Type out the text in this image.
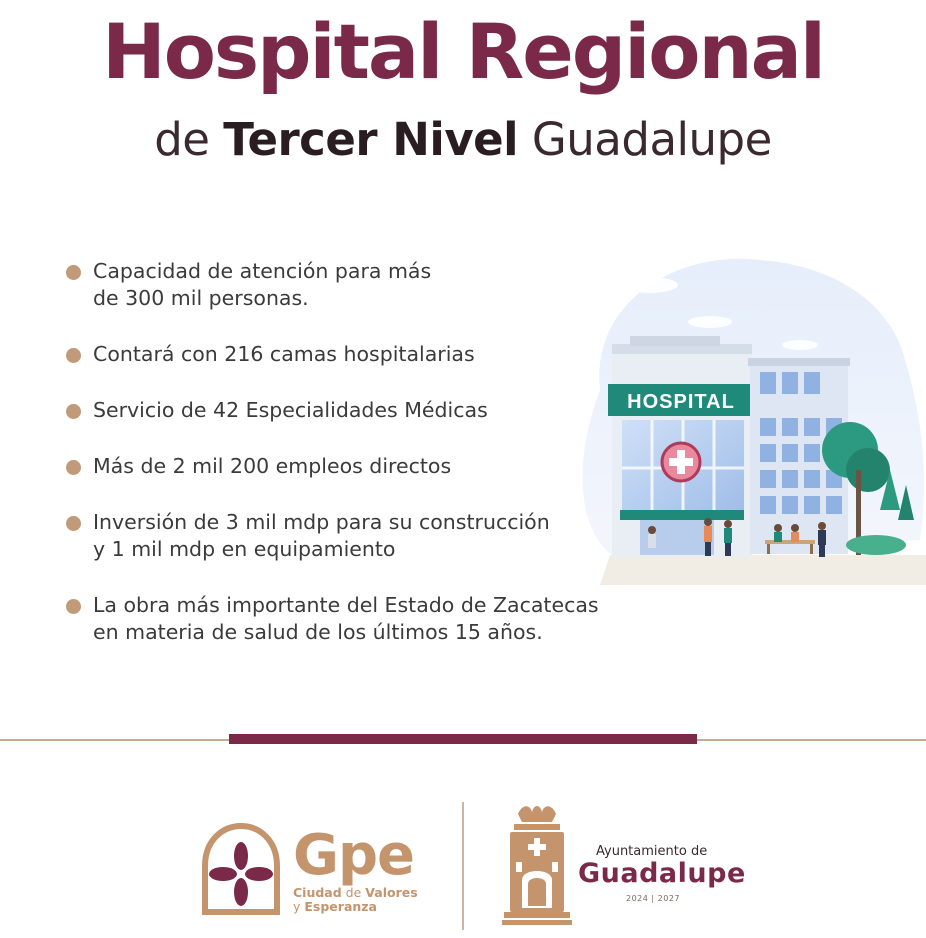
Hospital Regional
de Tercer Nivel Guadalupe
Capacidad de atención para más
de 300 mil personas.
Contará con 216 camas hospitalarias
Servicio de 42 Especialidades Médicas
Más de 2 mil 200 empleos directos
Inversión de 3 mil mdp para su construcción
y 1 mil mdp en equipamiento
La obra más importante del Estado de Zacatecas
en materia de salud de los últimos 15 años.
HOSPITAL
Gpe
Ciudad de Valores
y Esperanza
Ayuntamiento de
Guadalupe
2024 | 2027
